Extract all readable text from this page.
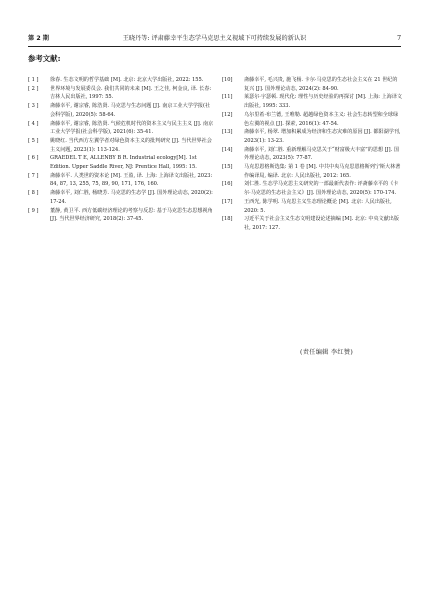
第 2 期	王晓丹等: 评肃藤幸平生态学马克思主义视域下可持续发展的新认识	7
参考文献:
[ 1 ] 徐春. 生态文明的哲学基础 [M]. 北京: 北京大学出版社, 2022: 155.
[ 2 ] 世界环境与发展委员会. 我们共同的未来 [M]. 王之佳, 柯金良, 译. 长春: 吉林人民出版社, 1997: 55.
[ 3 ] 斋藤幸平, 谢宗睿, 陈浩贤. 马克思与生态问题 [J]. 南京工业大学学报(社会科学版), 2020(5): 58-64.
[ 4 ] 斋藤幸平, 谢宗睿, 陈浩贤. 气候危机时代的资本主义与民主主义 [J]. 南京工业大学学报(社会科学版), 2021(6): 35-41.
[ 5 ] 姚晓红. 当代西方左翼学者对绿色资本主义的批判研究 [J]. 当代世界社会主义问题, 2023(1): 113-124.
[ 6 ] GRAEDEL T E, ALLENBY B R. Industrial ecology[M]. 1st Edition. Upper Saddle River, NJ: Prentice Hall, 1995: 15.
[ 7 ] 斋藤幸平. 人类世的资本论 [M]. 王盈, 译. 上海: 上海译文出版社, 2023: 84, 87, 13, 255, 75, 89, 90, 171, 176, 160.
[ 8 ] 斋藤幸平, 刘仁胜, 杨晓芳. 马克思的生态学 [J]. 国外理论动态, 2020(2): 17-24.
[ 9 ] 董静, 黄卫平. 西方低碳经济理论的考察与反思: 基于马克思生态思想视角 [J]. 当代世界经济研究, 2018(2): 37-45.
[10] 斋藤幸平, 毛兴贵, 施飞杨. 卡尔·马克思的生态社会主义在 21 世纪的复兴 [J]. 国外理论动态, 2024(2): 84-90.
[11] 莱瑟尔·宇瑟顿. 现代化: 理性与历史经验的再探讨 [M]. 上海: 上海译文出版社, 1995: 333.
[12] 乌尔里希·布兰德, 王唯勒. 超越绿色资本主义: 社会生态转型和全球绿色左翼的视点 [J]. 探索, 2016(1): 47-54.
[13] 斋藤幸平, 杨翠. 增加积累成为经济和生态灾难的原因 [J]. 都阳湖学刊, 2023(1): 13-23.
[14] 斋藤幸平, 刘仁胜. 重新理解马克思关于“财富极大丰富”的思想 [J]. 国外理论动态, 2023(5): 77-87.
[15] 马克思恩格斯选集: 第 1 卷 [M]. 中共中央马克思恩格斯列宁斯大林著作编译局, 编译. 北京: 人民出版社, 2012: 165.
[16] 刘仁胜. 生态学马克思主义研究的一部最新代表作: 评斋藤幸平的《卡尔·马克思的生态社会主义》[J]. 国外理论动态, 2020(5): 170-174.
[17] 王西光, 陈学明. 马克思主义生态理论概论 [M]. 北京: 人民出版社, 2020: 5.
[18] 习近平关于社会主义生态文明建设论述摘编 [M]. 北京: 中央文献出版社, 2017: 127.
(责任编辑 李红赞)
